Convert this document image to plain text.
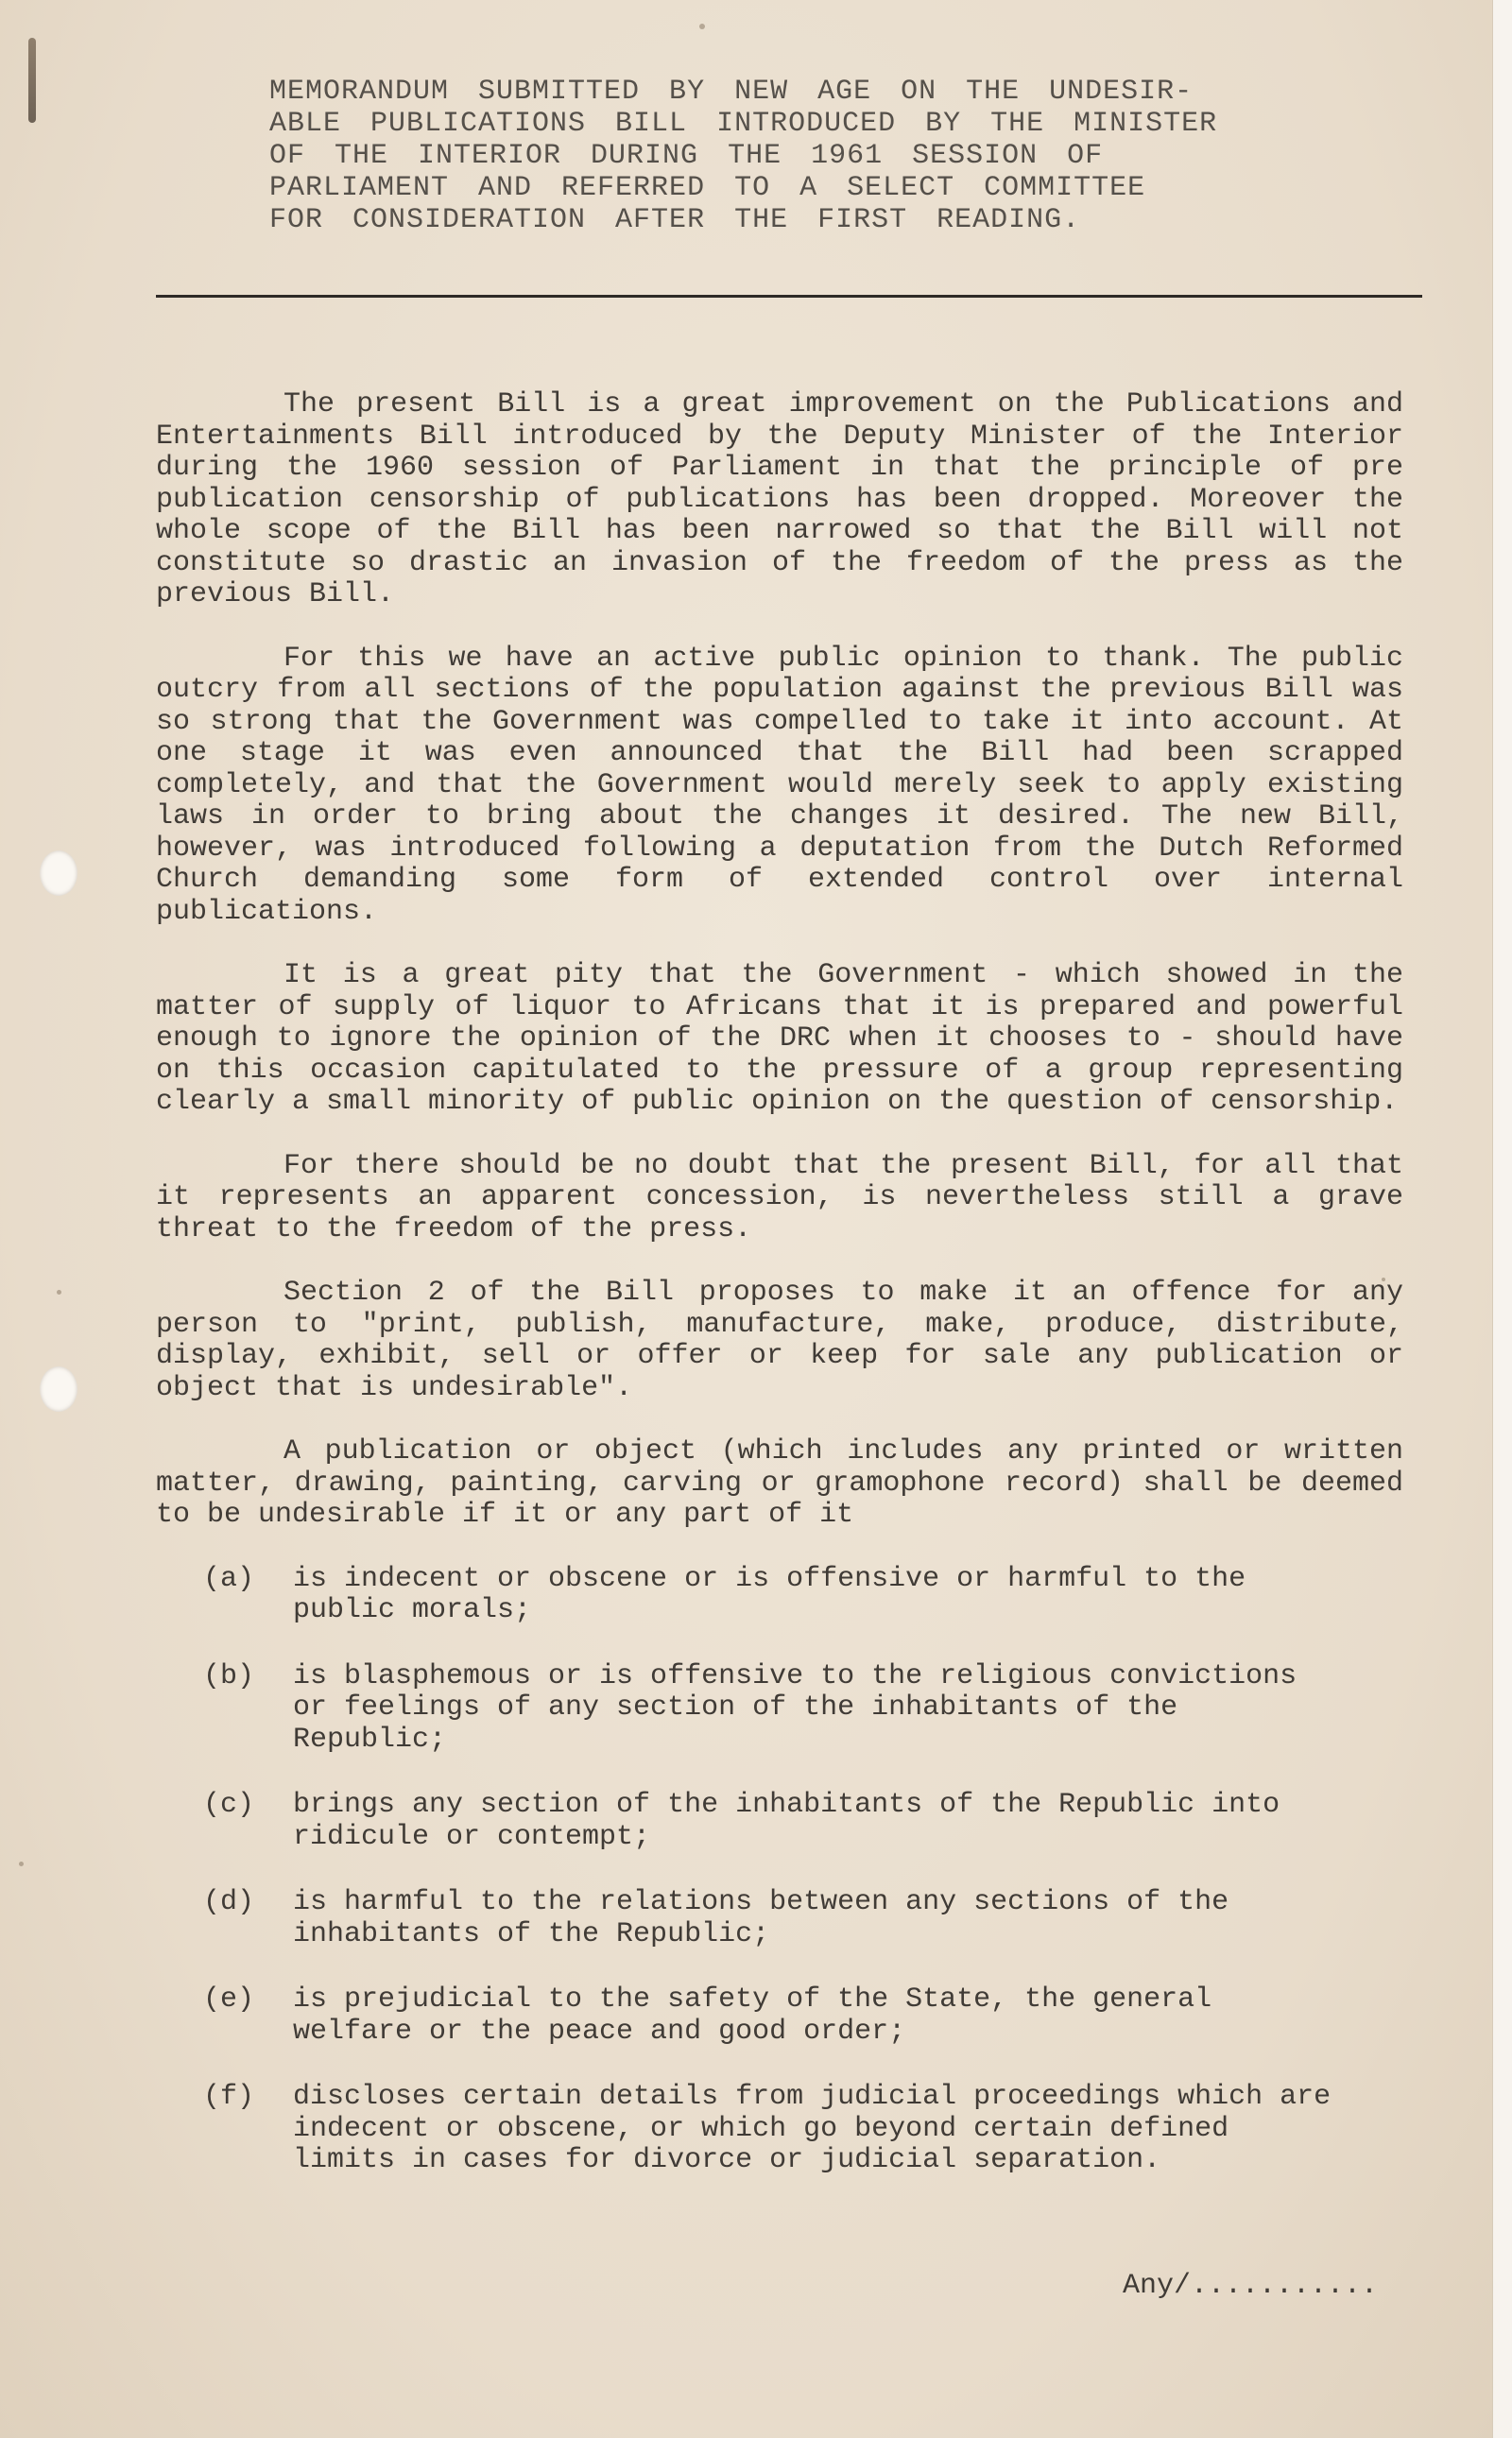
MEMORANDUM SUBMITTED BY NEW AGE ON THE UNDESIR-
ABLE PUBLICATIONS BILL INTRODUCED BY THE MINISTER
OF THE INTERIOR DURING THE 1961 SESSION OF
PARLIAMENT AND REFERRED TO A SELECT COMMITTEE
FOR CONSIDERATION AFTER THE FIRST READING.

The present Bill is a great improvement on the Publications and Entertainments Bill introduced by the Deputy Minister of the Interior during the 1960 session of Parliament in that the principle of pre publication censorship of publications has been dropped. Moreover the whole scope of the Bill has been narrowed so that the Bill will not constitute so drastic an invasion of the freedom of the press as the previous Bill.

For this we have an active public opinion to thank. The public outcry from all sections of the population against the previous Bill was so strong that the Government was compelled to take it into account. At one stage it was even announced that the Bill had been scrapped completely, and that the Government would merely seek to apply existing laws in order to bring about the changes it desired. The new Bill, however, was introduced following a deputation from the Dutch Reformed Church demanding some form of extended control over internal publications.

It is a great pity that the Government - which showed in the matter of supply of liquor to Africans that it is prepared and powerful enough to ignore the opinion of the DRC when it chooses to - should have on this occasion capitulated to the pressure of a group representing clearly a small minority of public opinion on the question of censorship.

For there should be no doubt that the present Bill, for all that it represents an apparent concession, is nevertheless still a grave threat to the freedom of the press.

Section 2 of the Bill proposes to make it an offence for any person to "print, publish, manufacture, make, produce, distribute, display, exhibit, sell or offer or keep for sale any publication or object that is undesirable".

A publication or object (which includes any printed or written matter, drawing, painting, carving or gramophone record) shall be deemed to be undesirable if it or any part of it

(a)	is indecent or obscene or is offensive or harmful to the public morals;
(b)	is blasphemous or is offensive to the religious convictions or feelings of any section of the inhabitants of the Republic;
(c)	brings any section of the inhabitants of the Republic into ridicule or contempt;
(d)	is harmful to the relations between any sections of the inhabitants of the Republic;
(e)	is prejudicial to the safety of the State, the general welfare or the peace and good order;
(f)	discloses certain details from judicial proceedings which are indecent or obscene, or which go beyond certain defined limits in cases for divorce or judicial separation.
Any/...........
